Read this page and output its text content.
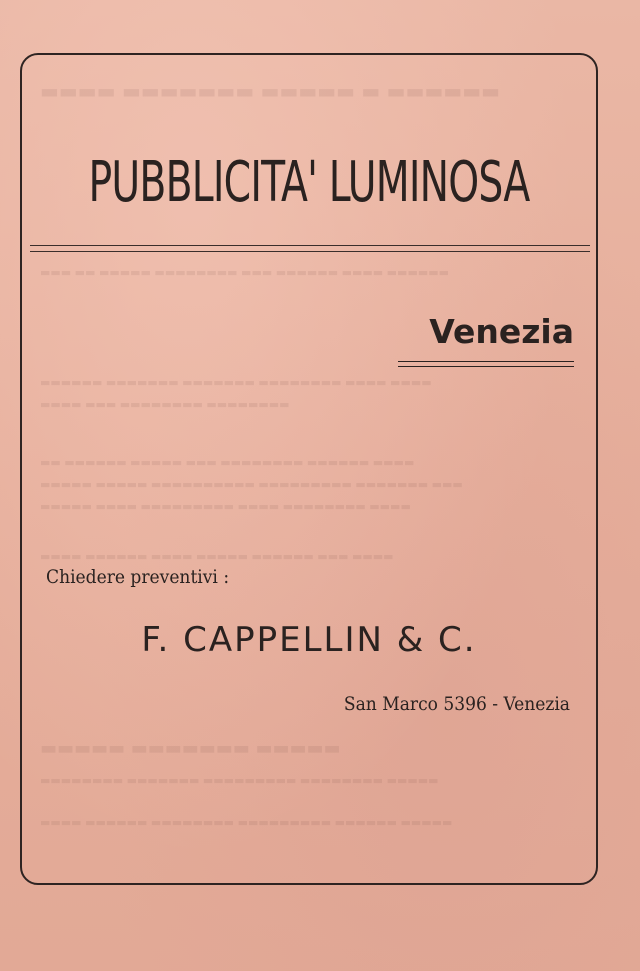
▬▬▬▬ ▬▬▬▬▬▬▬ ▬▬▬▬▬ ▬ ▬▬▬▬▬▬
▬▬▬ ▬▬ ▬▬▬▬▬ ▬▬▬▬▬▬▬▬ ▬▬▬ ▬▬▬▬▬▬ ▬▬▬▬ ▬▬▬▬▬▬
▬▬▬▬▬▬ ▬▬▬▬▬▬▬ ▬▬▬▬▬▬▬ ▬▬▬▬▬▬▬▬ ▬▬▬▬ ▬▬▬▬
▬▬▬▬ ▬▬▬ ▬▬▬▬▬▬▬▬ ▬▬▬▬▬▬▬▬
▬▬ ▬▬▬▬▬▬ ▬▬▬▬▬ ▬▬▬ ▬▬▬▬▬▬▬▬ ▬▬▬▬▬▬ ▬▬▬▬
▬▬▬▬▬ ▬▬▬▬▬ ▬▬▬▬▬▬▬▬▬▬ ▬▬▬▬▬▬▬▬▬ ▬▬▬▬▬▬▬ ▬▬▬
▬▬▬▬▬ ▬▬▬▬ ▬▬▬▬▬▬▬▬▬ ▬▬▬▬ ▬▬▬▬▬▬▬▬ ▬▬▬▬
▬▬▬▬ ▬▬▬▬▬▬ ▬▬▬▬ ▬▬▬▬▬ ▬▬▬▬▬▬ ▬▬▬ ▬▬▬▬
▬▬▬▬▬ ▬▬▬▬▬▬▬ ▬▬▬▬▬
▬▬▬▬▬▬▬▬ ▬▬▬▬▬▬▬ ▬▬▬▬▬▬▬▬▬ ▬▬▬▬▬▬▬▬ ▬▬▬▬▬
▬▬▬▬ ▬▬▬▬▬▬ ▬▬▬▬▬▬▬▬ ▬▬▬▬▬▬▬▬▬ ▬▬▬▬▬▬ ▬▬▬▬▬
PUBBLICITA' LUMINOSA
Venezia
Chiedere preventivi :
F. CAPPELLIN & C.
San Marco 5396 - Venezia
